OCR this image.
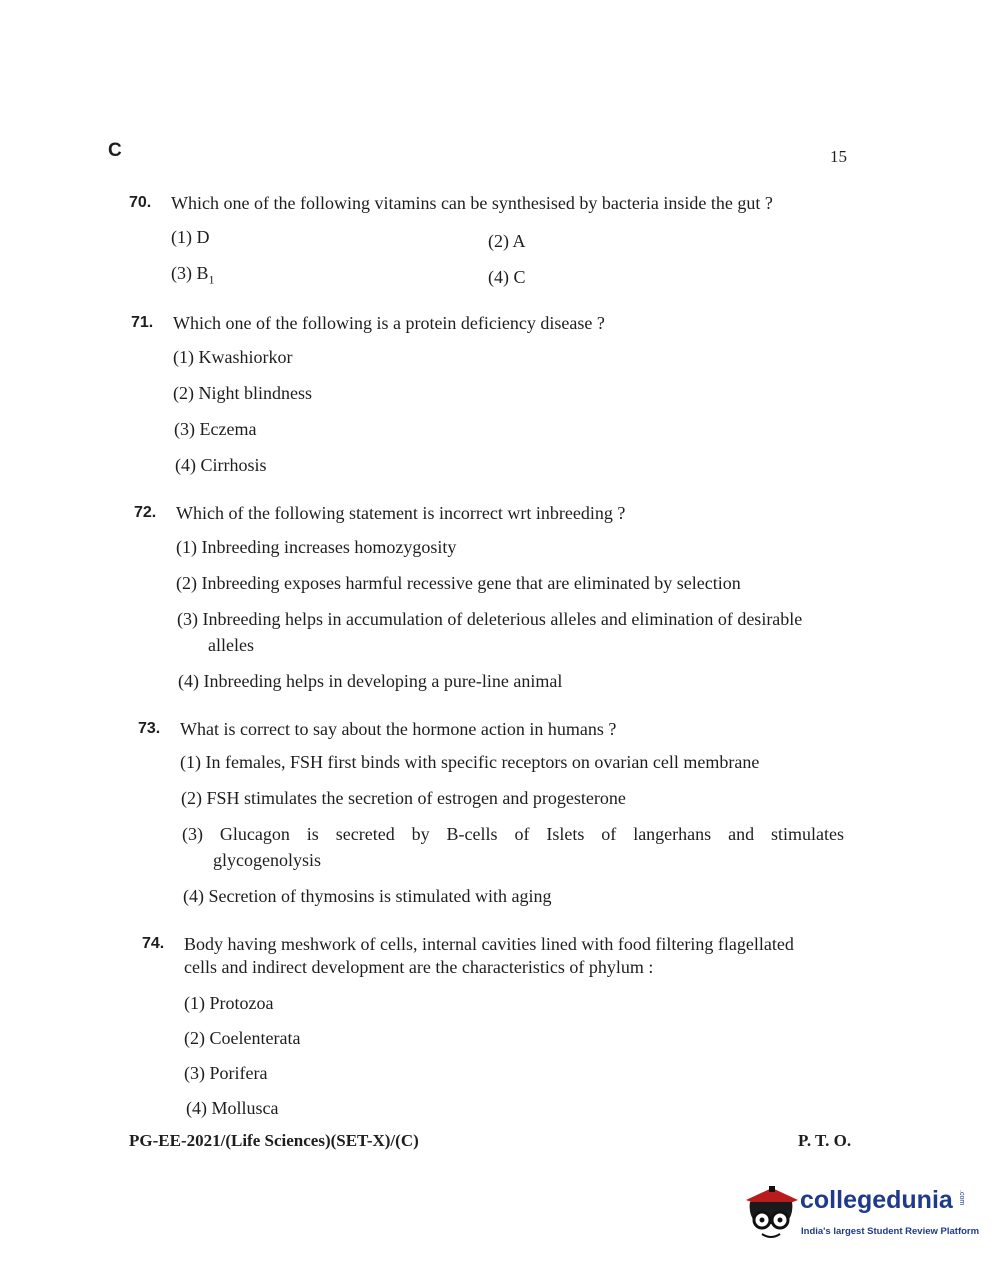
C	15
70. Which one of the following vitamins can be synthesised by bacteria inside the gut ?
(1) D	(2) A
(3) $B_1$	(4) C
71. Which one of the following is a protein deficiency disease ?
(1) Kwashiorkor
(2) Night blindness
(3) Eczema
(4) Cirrhosis
72. Which of the following statement is incorrect wrt inbreeding ?
(1) Inbreeding increases homozygosity
(2) Inbreeding exposes harmful recessive gene that are eliminated by selection
(3) Inbreeding helps in accumulation of deleterious alleles and elimination of desirable
alleles
(4) Inbreeding helps in developing a pure-line animal
73. What is correct to say about the hormone action in humans ?
(1) In females, FSH first binds with specific receptors on ovarian cell membrane
(2) FSH stimulates the secretion of estrogen and progesterone
(3) Glucagon is secreted by B-cells of Islets of langerhans and stimulates
glycogenolysis
(4) Secretion of thymosins is stimulated with aging
74. Body having meshwork of cells, internal cavities lined with food filtering flagellated
cells and indirect development are the characteristics of phylum :
(1) Protozoa
(2) Coelenterata
(3) Porifera
(4) Mollusca
PG-EE-2021/(Life Sciences)(SET-X)/(C)	P. T. O.
collegedunia .com
India's largest Student Review Platform
